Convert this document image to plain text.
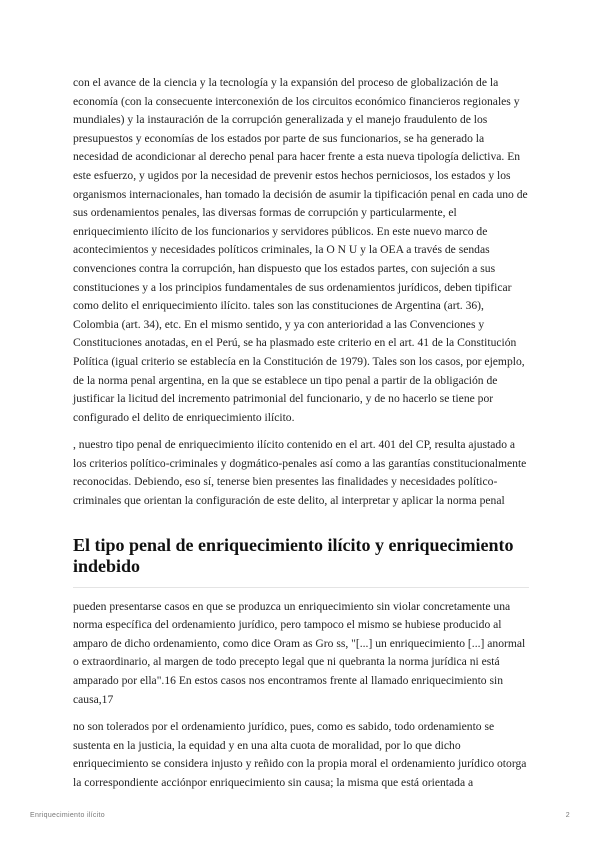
con el avance de la ciencia y la tecnología y la expansión del proceso de globalización de la economía (con la consecuente interconexión de los circuitos económico financieros regionales y mundiales) y la instauración de la corrupción generalizada y el manejo fraudulento de los presupuestos y economías de los estados por parte de sus funcionarios, se ha generado la necesidad de acondicionar al derecho penal para hacer frente a esta nueva tipología delictiva. En este esfuerzo, y ugidos por la necesidad de prevenir estos hechos perniciosos, los estados y los organismos internacionales, han tomado la decisión de asumir la tipificación penal en cada uno de sus ordenamientos penales, las diversas formas de corrupción y particularmente, el enriquecimiento ilícito de los funcionarios y servidores públicos. En este nuevo marco de acontecimientos y necesidades políticos criminales, la O N U y la OEA a través de sendas convenciones contra la corrupción, han dispuesto que los estados partes, con sujeción a sus constituciones y a los principios fundamentales de sus ordenamientos jurídicos, deben tipificar como delito el enriquecimiento ilícito. tales son las constituciones de Argentina (art. 36), Colombia (art. 34), etc. En el mismo sentido, y ya con anterioridad a las Convenciones y Constituciones anotadas, en el Perú, se ha plasmado este criterio en el art. 41 de la Constitución Política (igual criterio se establecía en la Constitución de 1979). Tales son los casos, por ejemplo, de la norma penal argentina, en la que se establece un tipo penal a partir de la obligación de justificar la licitud del incremento patrimonial del funcionario, y de no hacerlo se tiene por configurado el delito de enriquecimiento ilícito.

, nuestro tipo penal de enriquecimiento ilícito contenido en el art. 401 del CP, resulta ajustado a los criterios político-criminales y dogmático-penales así como a las garantías constitucionalmente reconocidas. Debiendo, eso sí, tenerse bien presentes las finalidades y necesidades político-criminales que orientan la configuración de este delito, al interpretar y aplicar la norma penal

El tipo penal de enriquecimiento ilícito y enriquecimiento indebido

pueden presentarse casos en que se produzca un enriquecimiento sin violar concretamente una norma específica del ordenamiento jurídico, pero tampoco el mismo se hubiese producido al amparo de dicho ordenamiento, como dice Oram as Gro ss, "[...] un enriquecimiento [...] anormal o extraordinario, al margen de todo precepto legal que ni quebranta la norma jurídica ni está amparado por ella".16 En estos casos nos encontramos frente al llamado enriquecimiento sin causa,17

no son tolerados por el ordenamiento jurídico, pues, como es sabido, todo ordenamiento se sustenta en la justicia, la equidad y en una alta cuota de moralidad, por lo que dicho enriquecimiento se considera injusto y reñido con la propia moral el ordenamiento jurídico otorga la correspondiente acciónpor enriquecimiento sin causa; la misma que está orientada a

Enriquecimiento ilícito	2
